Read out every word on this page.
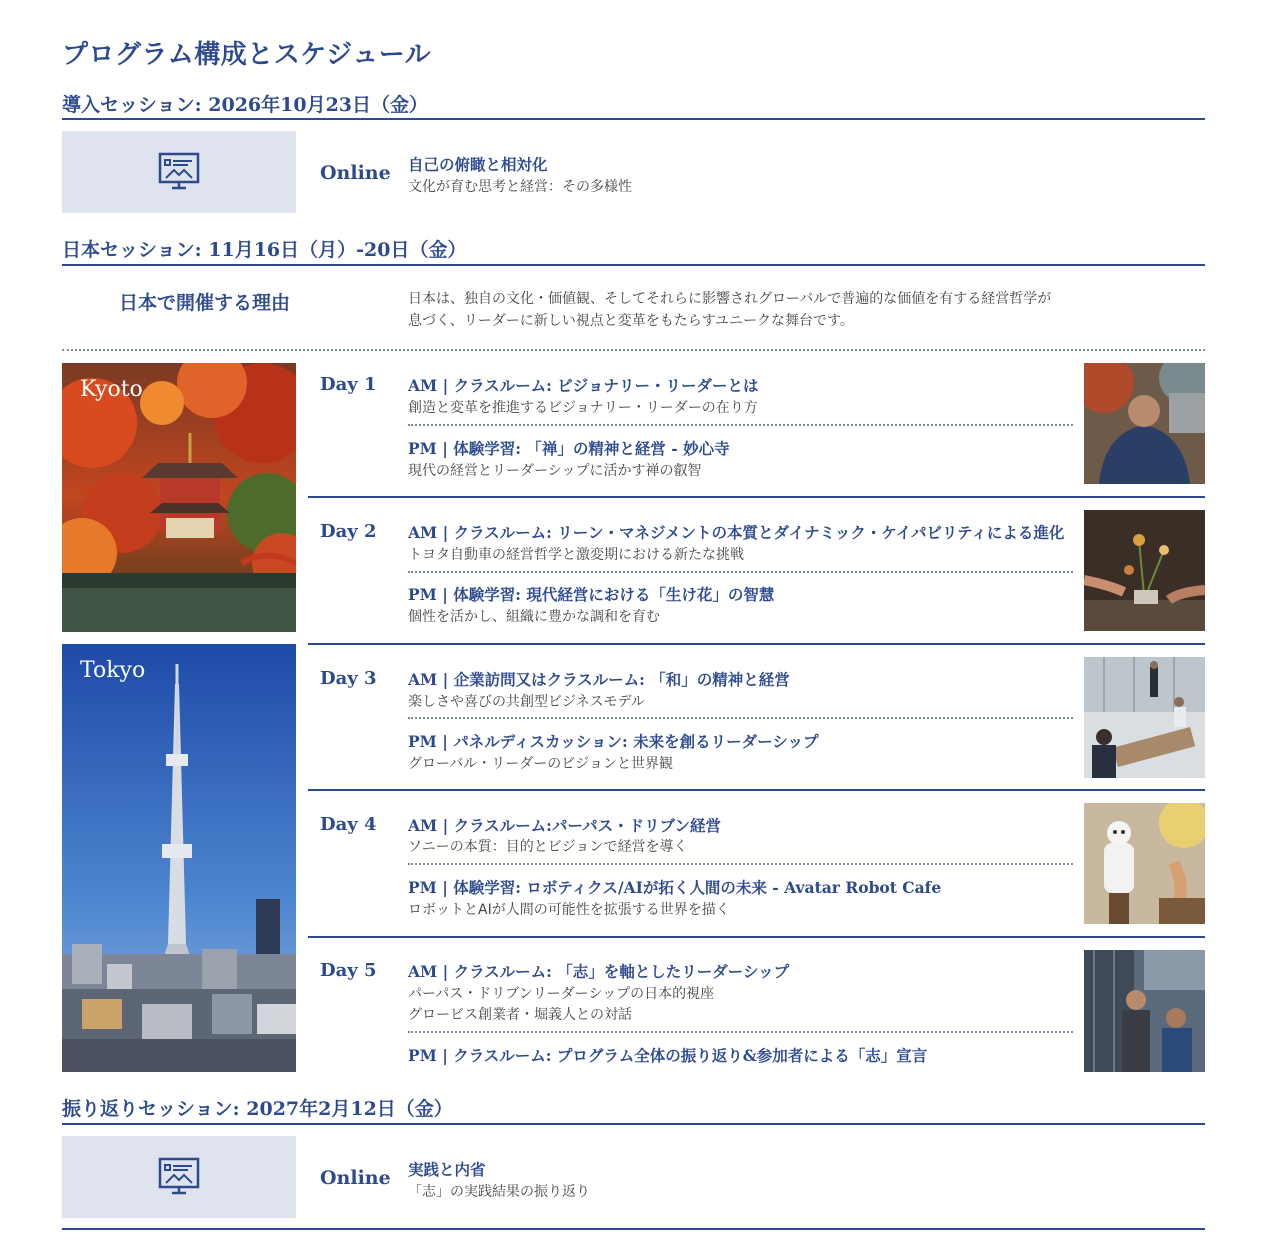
プログラム構成とスケジュール
導入セッション: 2026年10月23日（金）
Online 自己の俯瞰と相対化
文化が育む思考と経営：その多様性
日本セッション: 11月16日（月）-20日（金）
日本で開催する理由	日本は、独自の文化・価値観、そしてそれらに影響されグローバルで普遍的な価値を有する経営哲学が
息づく、リーダーに新しい視点と変革をもたらすユニークな舞台です。
Kyoto
Tokyo
Day 1 AM | クラスルーム: ビジョナリー・リーダーとは
創造と変革を推進するビジョナリー・リーダーの在り方
PM | 体験学習: 「禅」の精神と経営 - 妙心寺
現代の経営とリーダーシップに活かす禅の叡智
Day 2 AM | クラスルーム: リーン・マネジメントの本質とダイナミック・ケイパビリティによる進化
トヨタ自動車の経営哲学と激変期における新たな挑戦
PM | 体験学習: 現代経営における「生け花」の智慧
個性を活かし、組織に豊かな調和を育む
Day 3 AM | 企業訪問又はクラスルーム: 「和」の精神と経営
楽しさや喜びの共創型ビジネスモデル
PM | パネルディスカッション: 未来を創るリーダーシップ
グローバル・リーダーのビジョンと世界観
Day 4 AM | クラスルーム:パーパス・ドリブン経営
ソニーの本質：目的とビジョンで経営を導く
PM | 体験学習: ロボティクス/AIが拓く人間の未来 - Avatar Robot Cafe
ロボットとAIが人間の可能性を拡張する世界を描く
Day 5 AM | クラスルーム: 「志」を軸としたリーダーシップ
パーパス・ドリブンリーダーシップの日本的視座
グロービス創業者・堀義人との対話
PM | クラスルーム: プログラム全体の振り返り&参加者による「志」宣言
振り返りセッション: 2027年2月12日（金）
Online 実践と内省
「志」の実践結果の振り返り
